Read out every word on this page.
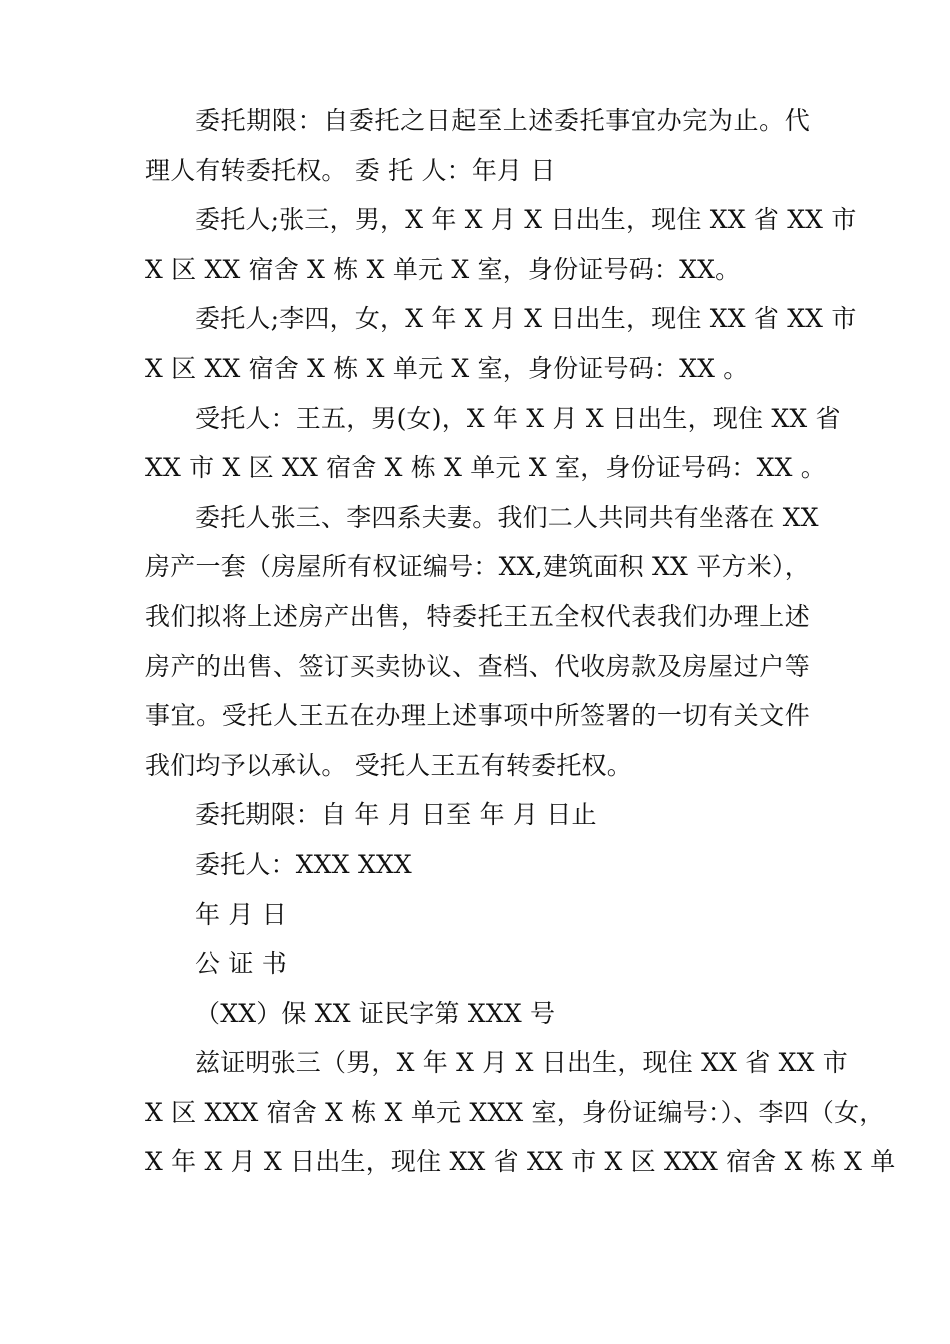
委托期限：自委托之日起至上述委托事宜办完为止。代
理人有转委托权。 委 托 人：年月 日
委托人;张三，男，X 年 X 月 X 日出生，现住 XX 省 XX 市
X 区 XX 宿舍 X 栋 X 单元 X 室，身份证号码：XX。
委托人;李四，女，X 年 X 月 X 日出生，现住 XX 省 XX 市
X 区 XX 宿舍 X 栋 X 单元 X 室，身份证号码：XX 。
受托人：王五，男(女)，X 年 X 月 X 日出生，现住 XX 省
XX 市 X 区 XX 宿舍 X 栋 X 单元 X 室，身份证号码：XX 。
委托人张三、李四系夫妻。我们二人共同共有坐落在 XX
房产一套（房屋所有权证编号：XX,建筑面积 XX 平方米），
我们拟将上述房产出售，特委托王五全权代表我们办理上述
房产的出售、签订买卖协议、查档、代收房款及房屋过户等
事宜。受托人王五在办理上述事项中所签署的一切有关文件
我们均予以承认。 受托人王五有转委托权。
委托期限：自 年 月 日至 年 月 日止
委托人：XXX XXX
年 月 日
公 证 书
（XX）保 XX 证民字第 XXX 号
兹证明张三（男，X 年 X 月 X 日出生，现住 XX 省 XX 市
X 区 XXX 宿舍 X 栋 X 单元 XXX 室，身份证编号：）、李四（女，
X 年 X 月 X 日出生，现住 XX 省 XX 市 X 区 XXX 宿舍 X 栋 X 单
